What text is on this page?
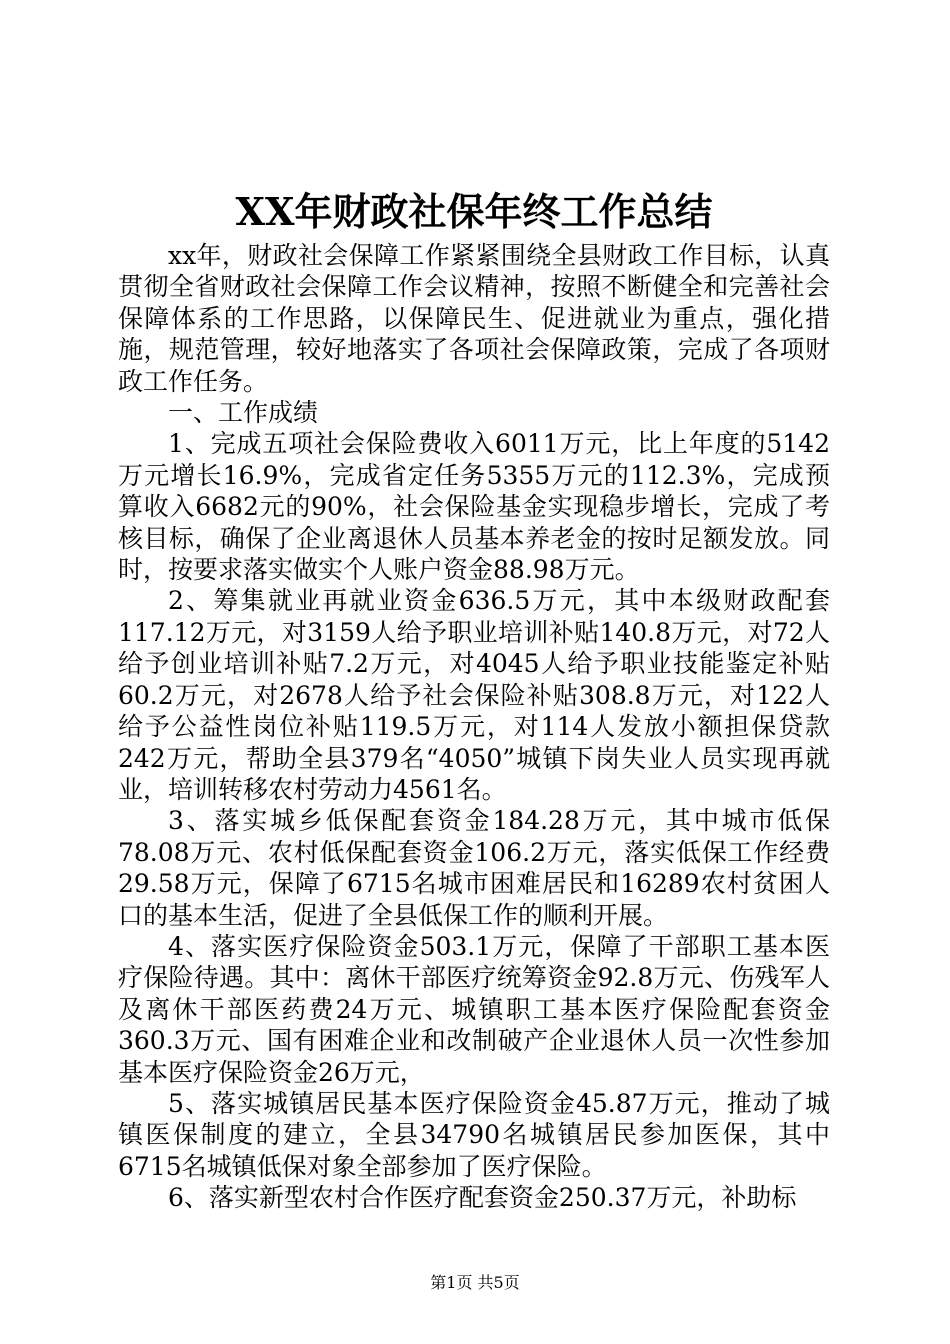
XX年财政社保年终工作总结

xx年，财政社会保障工作紧紧围绕全县财政工作目标，认真贯彻全省财政社会保障工作会议精神，按照不断健全和完善社会保障体系的工作思路，以保障民生、促进就业为重点，强化措施，规范管理，较好地落实了各项社会保障政策，完成了各项财政工作任务。

一、工作成绩

1、完成五项社会保险费收入6011万元，比上年度的5142万元增长16.9%，完成省定任务5355万元的112.3%，完成预算收入6682元的90%，社会保险基金实现稳步增长，完成了考核目标，确保了企业离退休人员基本养老金的按时足额发放。同时，按要求落实做实个人账户资金88.98万元。

2、筹集就业再就业资金636.5万元，其中本级财政配套117.12万元，对3159人给予职业培训补贴140.8万元，对72人给予创业培训补贴7.2万元，对4045人给予职业技能鉴定补贴60.2万元，对2678人给予社会保险补贴308.8万元，对122人给予公益性岗位补贴119.5万元，对114人发放小额担保贷款242万元，帮助全县379名“4050”城镇下岗失业人员实现再就业，培训转移农村劳动力4561名。

3、落实城乡低保配套资金184.28万元，其中城市低保78.08万元、农村低保配套资金106.2万元，落实低保工作经费29.58万元，保障了6715名城市困难居民和16289农村贫困人口的基本生活，促进了全县低保工作的顺利开展。

4、落实医疗保险资金503.1万元，保障了干部职工基本医疗保险待遇。其中：离休干部医疗统筹资金92.8万元、伤残军人及离休干部医药费24万元、城镇职工基本医疗保险配套资金360.3万元、国有困难企业和改制破产企业退休人员一次性参加基本医疗保险资金26万元，

5、落实城镇居民基本医疗保险资金45.87万元，推动了城镇医保制度的建立，全县34790名城镇居民参加医保，其中6715名城镇低保对象全部参加了医疗保险。

6、落实新型农村合作医疗配套资金250.37万元，补助标

第1页 共5页
